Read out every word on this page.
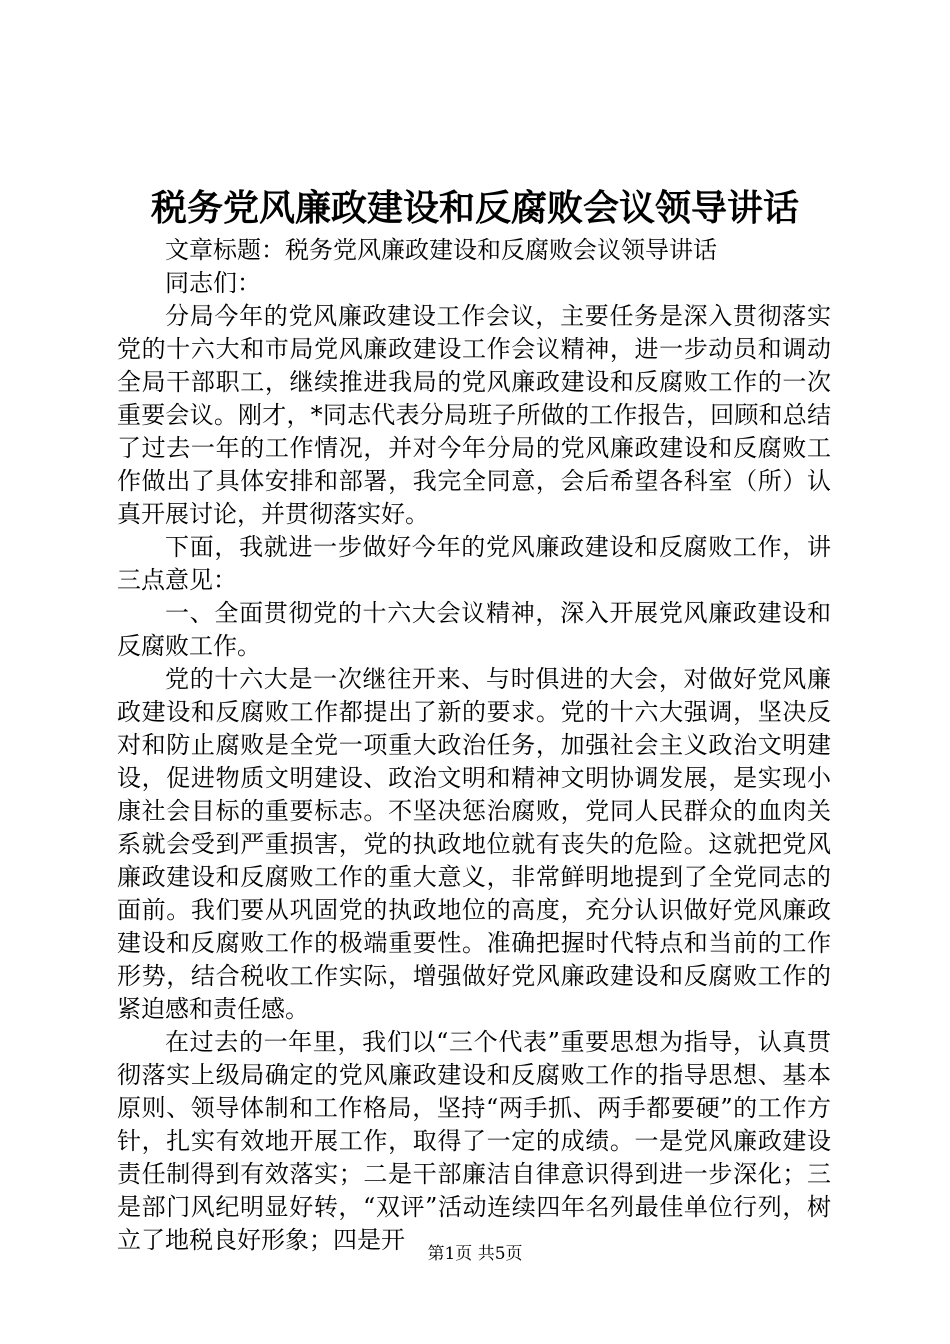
税务党风廉政建设和反腐败会议领导讲话

文章标题：税务党风廉政建设和反腐败会议领导讲话

同志们：

分局今年的党风廉政建设工作会议，主要任务是深入贯彻落实党的十六大和市局党风廉政建设工作会议精神，进一步动员和调动全局干部职工，继续推进我局的党风廉政建设和反腐败工作的一次重要会议。刚才，*同志代表分局班子所做的工作报告，回顾和总结了过去一年的工作情况，并对今年分局的党风廉政建设和反腐败工作做出了具体安排和部署，我完全同意，会后希望各科室（所）认真开展讨论，并贯彻落实好。

下面，我就进一步做好今年的党风廉政建设和反腐败工作，讲三点意见：

一、全面贯彻党的十六大会议精神，深入开展党风廉政建设和反腐败工作。

党的十六大是一次继往开来、与时俱进的大会，对做好党风廉政建设和反腐败工作都提出了新的要求。党的十六大强调，坚决反对和防止腐败是全党一项重大政治任务，加强社会主义政治文明建设，促进物质文明建设、政治文明和精神文明协调发展，是实现小康社会目标的重要标志。不坚决惩治腐败，党同人民群众的血肉关系就会受到严重损害，党的执政地位就有丧失的危险。这就把党风廉政建设和反腐败工作的重大意义，非常鲜明地提到了全党同志的面前。我们要从巩固党的执政地位的高度，充分认识做好党风廉政建设和反腐败工作的极端重要性。准确把握时代特点和当前的工作形势，结合税收工作实际，增强做好党风廉政建设和反腐败工作的紧迫感和责任感。

在过去的一年里，我们以“三个代表”重要思想为指导，认真贯彻落实上级局确定的党风廉政建设和反腐败工作的指导思想、基本原则、领导体制和工作格局，坚持“两手抓、两手都要硬”的工作方针，扎实有效地开展工作，取得了一定的成绩。一是党风廉政建设责任制得到有效落实；二是干部廉洁自律意识得到进一步深化；三是部门风纪明显好转，“双评”活动连续四年名列最佳单位行列，树立了地税良好形象；四是开	第1页 共5页
